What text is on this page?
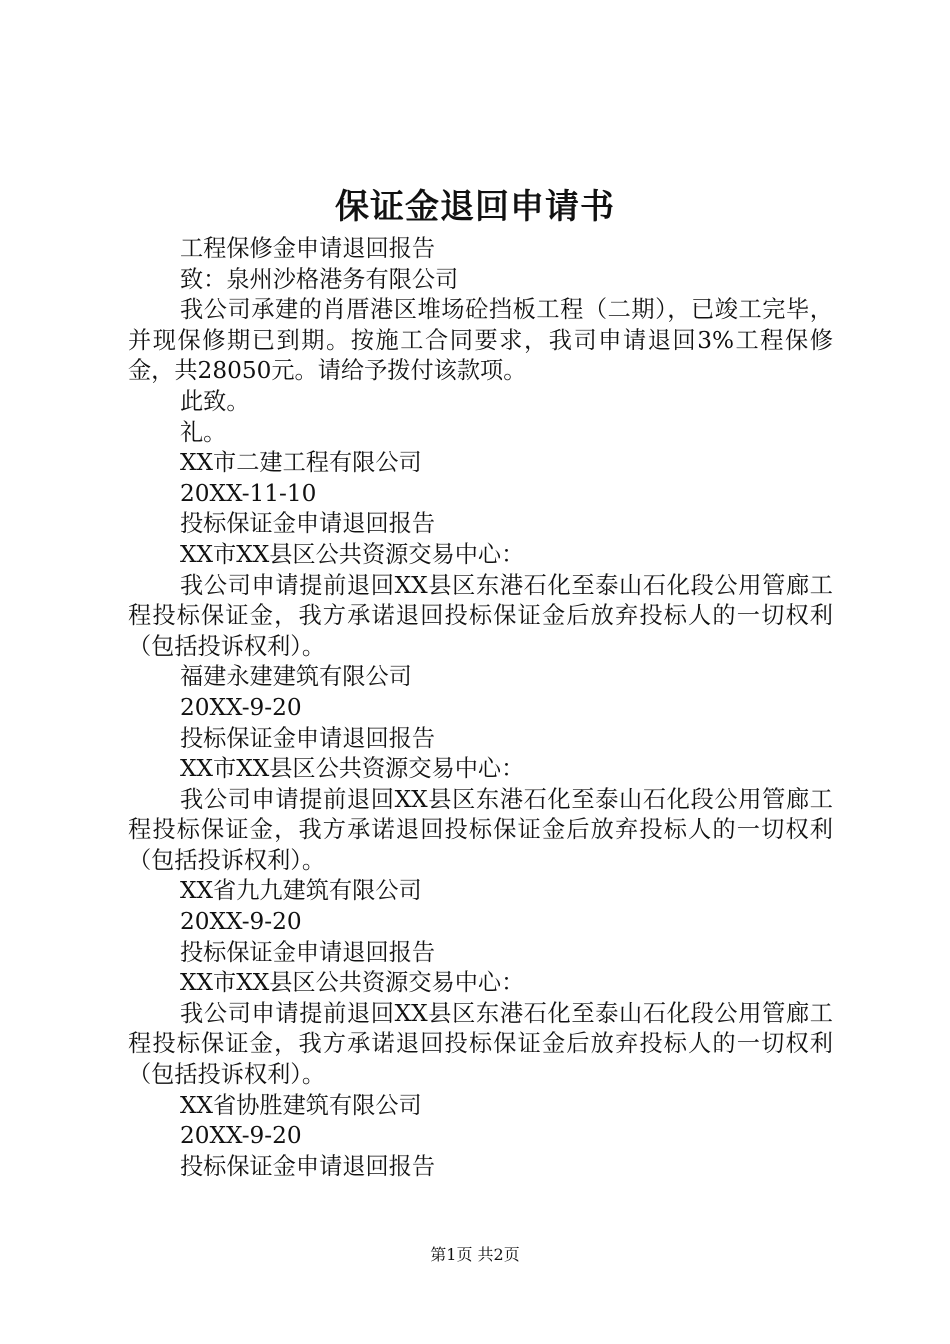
保证金退回申请书
工程保修金申请退回报告
致：泉州沙格港务有限公司

我公司承建的肖厝港区堆场砼挡板工程（二期），已竣工完毕，并现保修期已到期。按施工合同要求，我司申请退回3%工程保修金，共28050元。请给予拨付该款项。

此致。
礼。
XX市二建工程有限公司
20XX-11-10
投标保证金申请退回报告
XX市XX县区公共资源交易中心：

我公司申请提前退回XX县区东港石化至泰山石化段公用管廊工程投标保证金，我方承诺退回投标保证金后放弃投标人的一切权利（包括投诉权利）。

福建永建建筑有限公司
20XX-9-20
投标保证金申请退回报告
XX市XX县区公共资源交易中心：

我公司申请提前退回XX县区东港石化至泰山石化段公用管廊工程投标保证金，我方承诺退回投标保证金后放弃投标人的一切权利（包括投诉权利）。

XX省九九建筑有限公司
20XX-9-20
投标保证金申请退回报告
XX市XX县区公共资源交易中心：

我公司申请提前退回XX县区东港石化至泰山石化段公用管廊工程投标保证金，我方承诺退回投标保证金后放弃投标人的一切权利（包括投诉权利）。

XX省协胜建筑有限公司
20XX-9-20
投标保证金申请退回报告
第1页 共2页
